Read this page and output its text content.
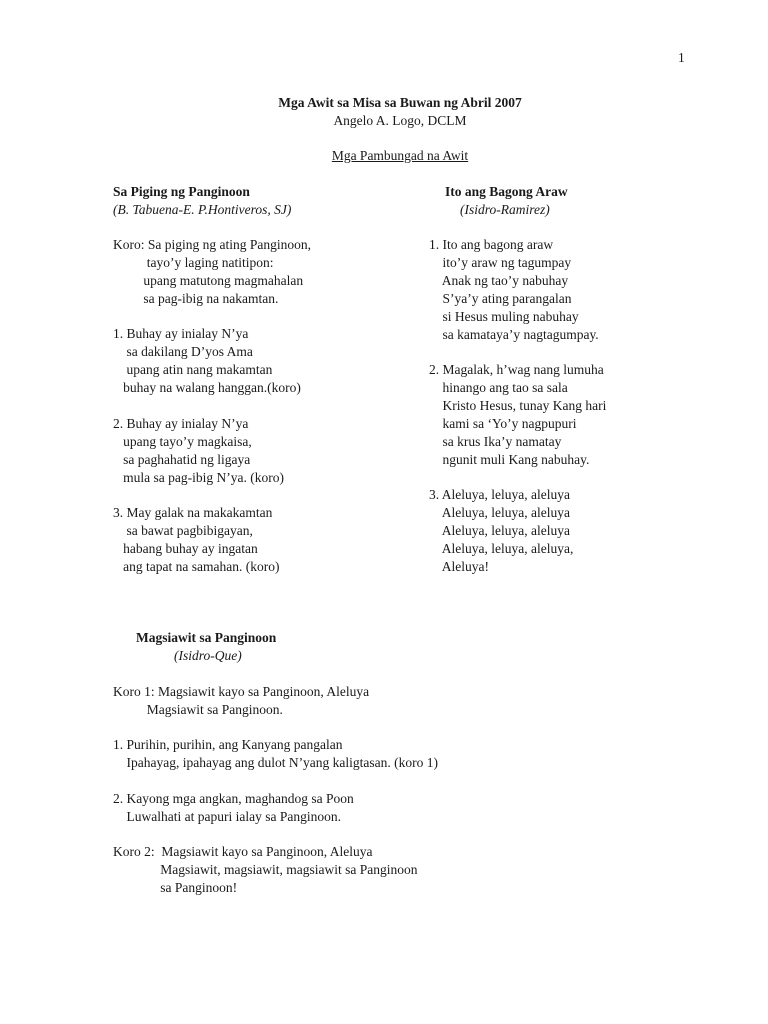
1
Mga Awit sa Misa sa Buwan ng Abril 2007
Angelo A. Logo, DCLM
Mga Pambungad na Awit
Sa Piging ng Panginoon
(B. Tabuena-E. P.Hontiveros, SJ)
Koro: Sa piging ng ating Panginoon,
tayo’y laging natitipon:
upang matutong magmahalan
sa pag-ibig na nakamtan.
1. Buhay ay inialay N’ya
sa dakilang D’yos Ama
upang atin nang makamtan
buhay na walang hanggan.(koro)
2. Buhay ay inialay N’ya
upang tayo’y magkaisa,
sa paghahatid ng ligaya
mula sa pag-ibig N’ya. (koro)
3. May galak na makakamtan
sa bawat pagbibigayan,
habang buhay ay ingatan
ang tapat na samahan. (koro)
Ito ang Bagong Araw
(Isidro-Ramirez)
1. Ito ang bagong araw
ito’y araw ng tagumpay
Anak ng tao’y nabuhay
S’ya’y ating parangalan
si Hesus muling nabuhay
sa kamataya’y nagtagumpay.
2. Magalak, h’wag nang lumuha
hinango ang tao sa sala
Kristo Hesus, tunay Kang hari
kami sa ‘Yo’y nagpupuri
sa krus Ika’y namatay
ngunit muli Kang nabuhay.
3. Aleluya, leluya, aleluya
Aleluya, leluya, aleluya
Aleluya, leluya, aleluya
Aleluya, leluya, aleluya,
Aleluya!
Magsiawit sa Panginoon
(Isidro-Que)
Koro 1: Magsiawit kayo sa Panginoon, Aleluya
Magsiawit sa Panginoon.
1. Purihin, purihin, ang Kanyang pangalan
Ipahayag, ipahayag ang dulot N’yang kaligtasan. (koro 1)
2. Kayong mga angkan, maghandog sa Poon
Luwalhati at papuri ialay sa Panginoon.
Koro 2:  Magsiawit kayo sa Panginoon, Aleluya
Magsiawit, magsiawit, magsiawit sa Panginoon
sa Panginoon!
